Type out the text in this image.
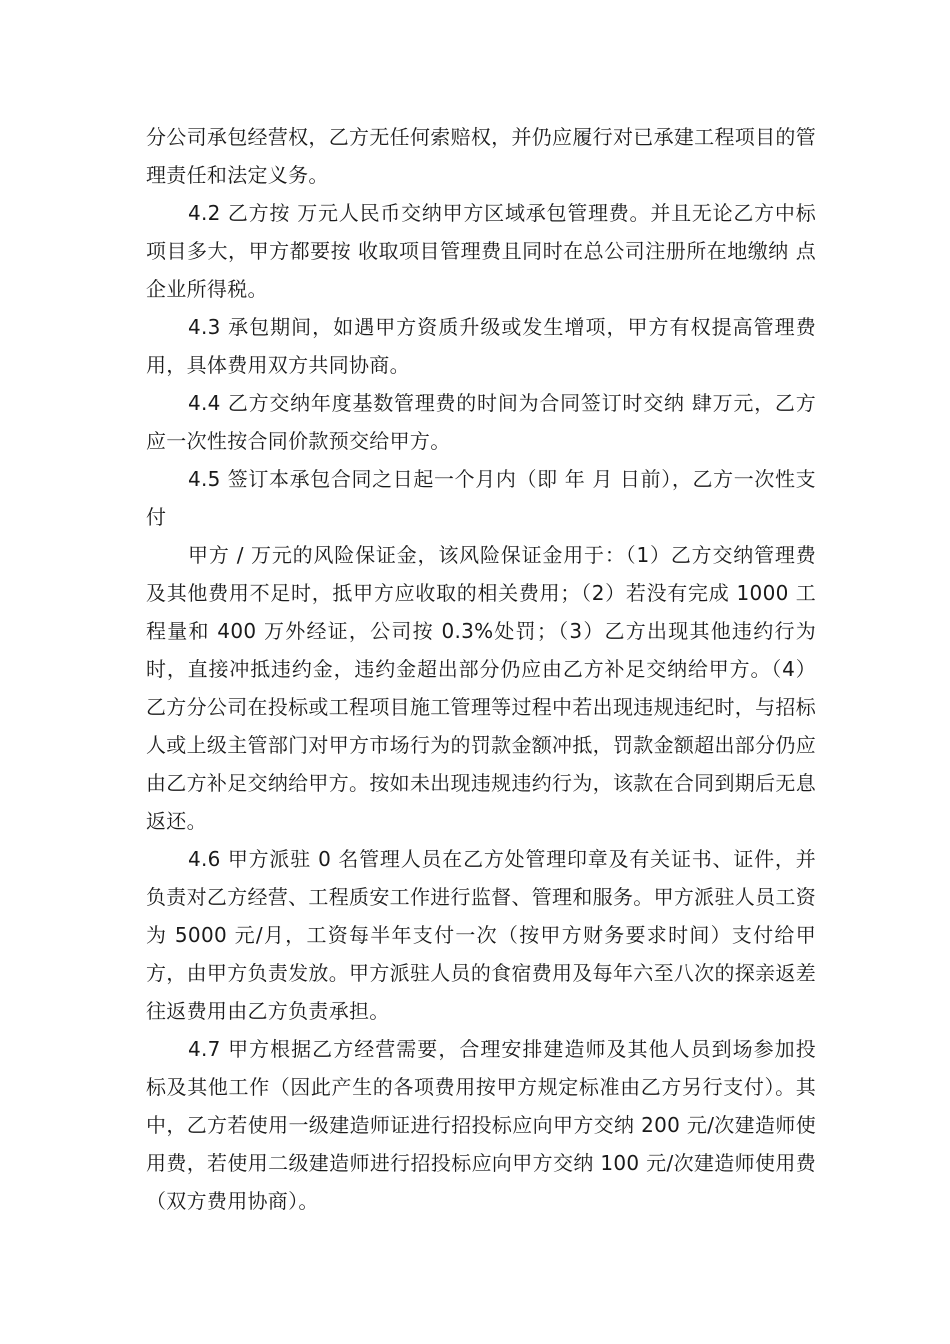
分公司承包经营权，乙方无任何索赔权，并仍应履行对已承建工程项目的管理责任和法定义务。

4.2 乙方按 万元人民币交纳甲方区域承包管理费。并且无论乙方中标项目多大，甲方都要按 收取项目管理费且同时在总公司注册所在地缴纳 点企业所得税。

4.3 承包期间，如遇甲方资质升级或发生增项，甲方有权提高管理费用，具体费用双方共同协商。

4.4 乙方交纳年度基数管理费的时间为合同签订时交纳 肆万元，乙方应一次性按合同价款预交给甲方。

4.5 签订本承包合同之日起一个月内（即 年 月 日前），乙方一次性支付

甲方 / 万元的风险保证金，该风险保证金用于：（1）乙方交纳管理费及其他费用不足时，抵甲方应收取的相关费用；（2）若没有完成 1000 工程量和 400 万外经证，公司按 0.3%处罚；（3）乙方出现其他违约行为时，直接冲抵违约金，违约金超出部分仍应由乙方补足交纳给甲方。（4）乙方分公司在投标或工程项目施工管理等过程中若出现违规违纪时，与招标人或上级主管部门对甲方市场行为的罚款金额冲抵，罚款金额超出部分仍应由乙方补足交纳给甲方。按如未出现违规违约行为，该款在合同到期后无息返还。

4.6 甲方派驻 0 名管理人员在乙方处管理印章及有关证书、证件，并负责对乙方经营、工程质安工作进行监督、管理和服务。甲方派驻人员工资为 5000 元/月，工资每半年支付一次（按甲方财务要求时间）支付给甲方，由甲方负责发放。甲方派驻人员的食宿费用及每年六至八次的探亲返差往返费用由乙方负责承担。

4.7 甲方根据乙方经营需要，合理安排建造师及其他人员到场参加投标及其他工作（因此产生的各项费用按甲方规定标准由乙方另行支付）。其中，乙方若使用一级建造师证进行招投标应向甲方交纳 200 元/次建造师使用费，若使用二级建造师进行招投标应向甲方交纳 100 元/次建造师使用费（双方费用协商）。
